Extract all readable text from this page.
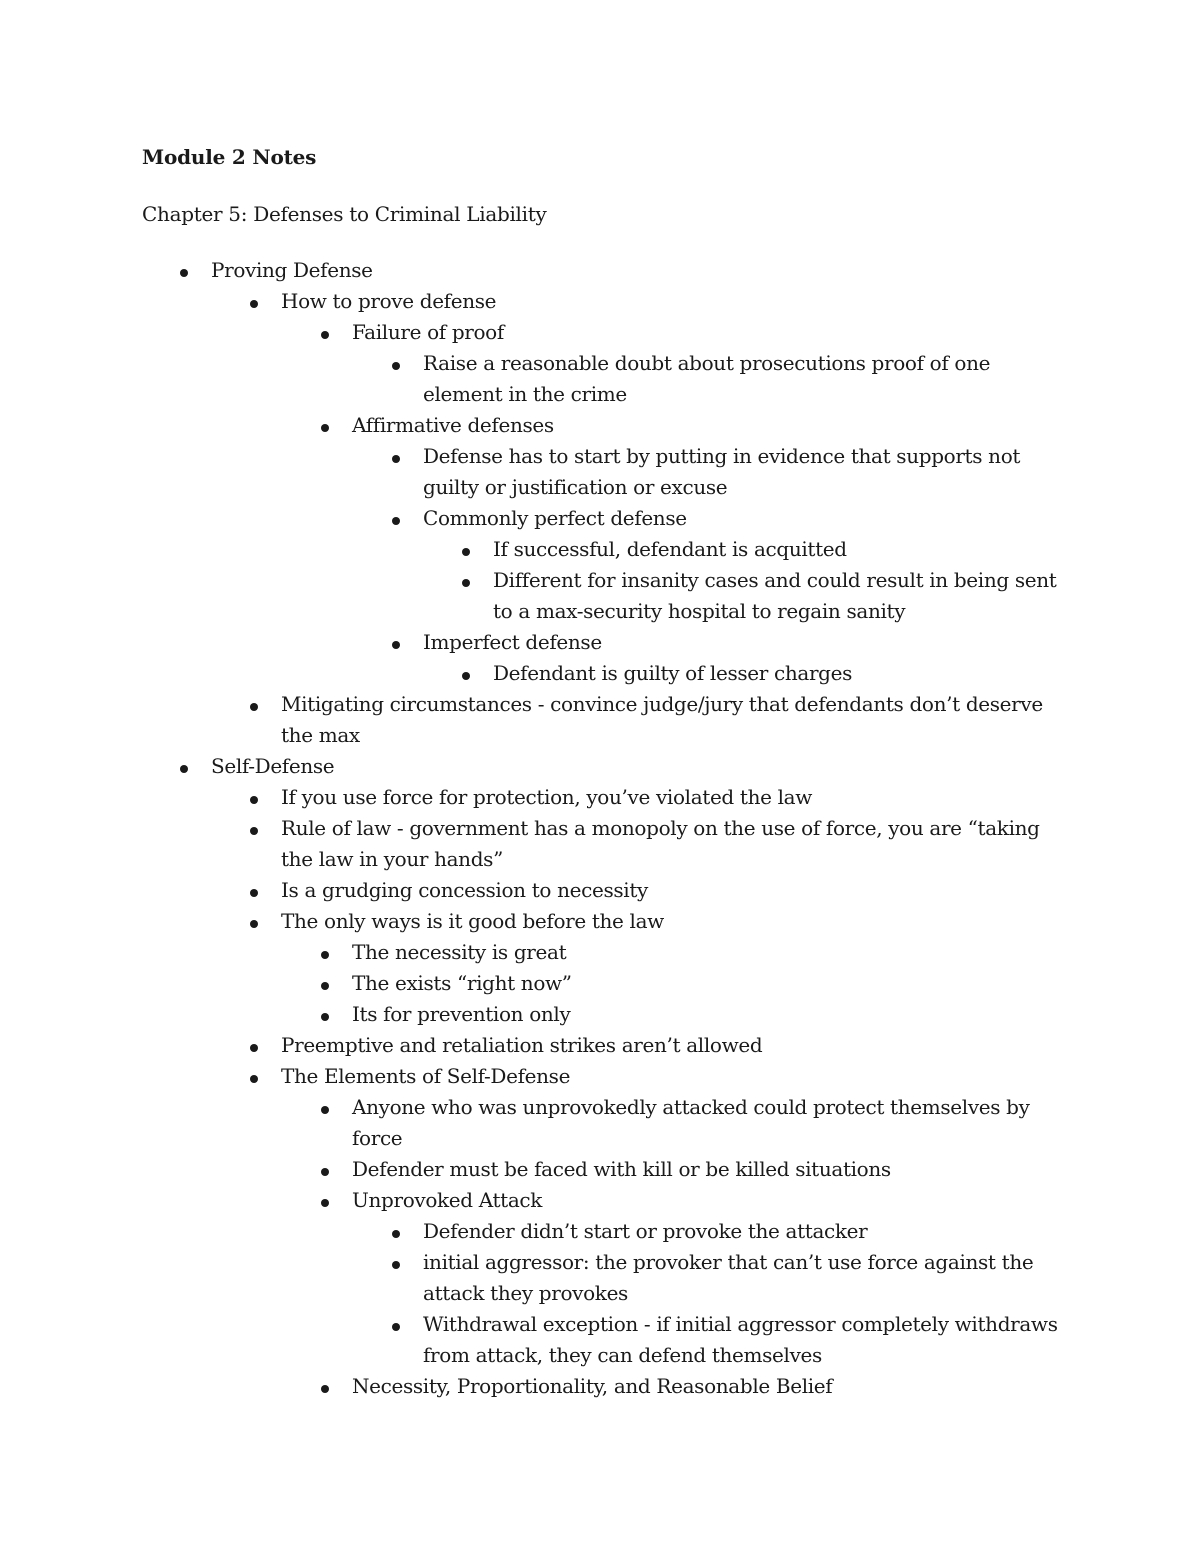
Module 2 Notes

Chapter 5: Defenses to Criminal Liability

Proving Defense
How to prove defense
Failure of proof
Raise a reasonable doubt about prosecutions proof of one element in the crime
Affirmative defenses
Defense has to start by putting in evidence that supports not guilty or justification or excuse
Commonly perfect defense
If successful, defendant is acquitted
Different for insanity cases and could result in being sent to a max-security hospital to regain sanity
Imperfect defense
Defendant is guilty of lesser charges
Mitigating circumstances - convince judge/jury that defendants don’t deserve the max
Self-Defense
If you use force for protection, you’ve violated the law
Rule of law - government has a monopoly on the use of force, you are “taking the law in your hands”
Is a grudging concession to necessity
The only ways is it good before the law
The necessity is great
The exists “right now”
Its for prevention only
Preemptive and retaliation strikes aren’t allowed
The Elements of Self-Defense
Anyone who was unprovokedly attacked could protect themselves by force
Defender must be faced with kill or be killed situations
Unprovoked Attack
Defender didn’t start or provoke the attacker
initial aggressor: the provoker that can’t use force against the attack they provokes
Withdrawal exception - if initial aggressor completely withdraws from attack, they can defend themselves
Necessity, Proportionality, and Reasonable Belief
